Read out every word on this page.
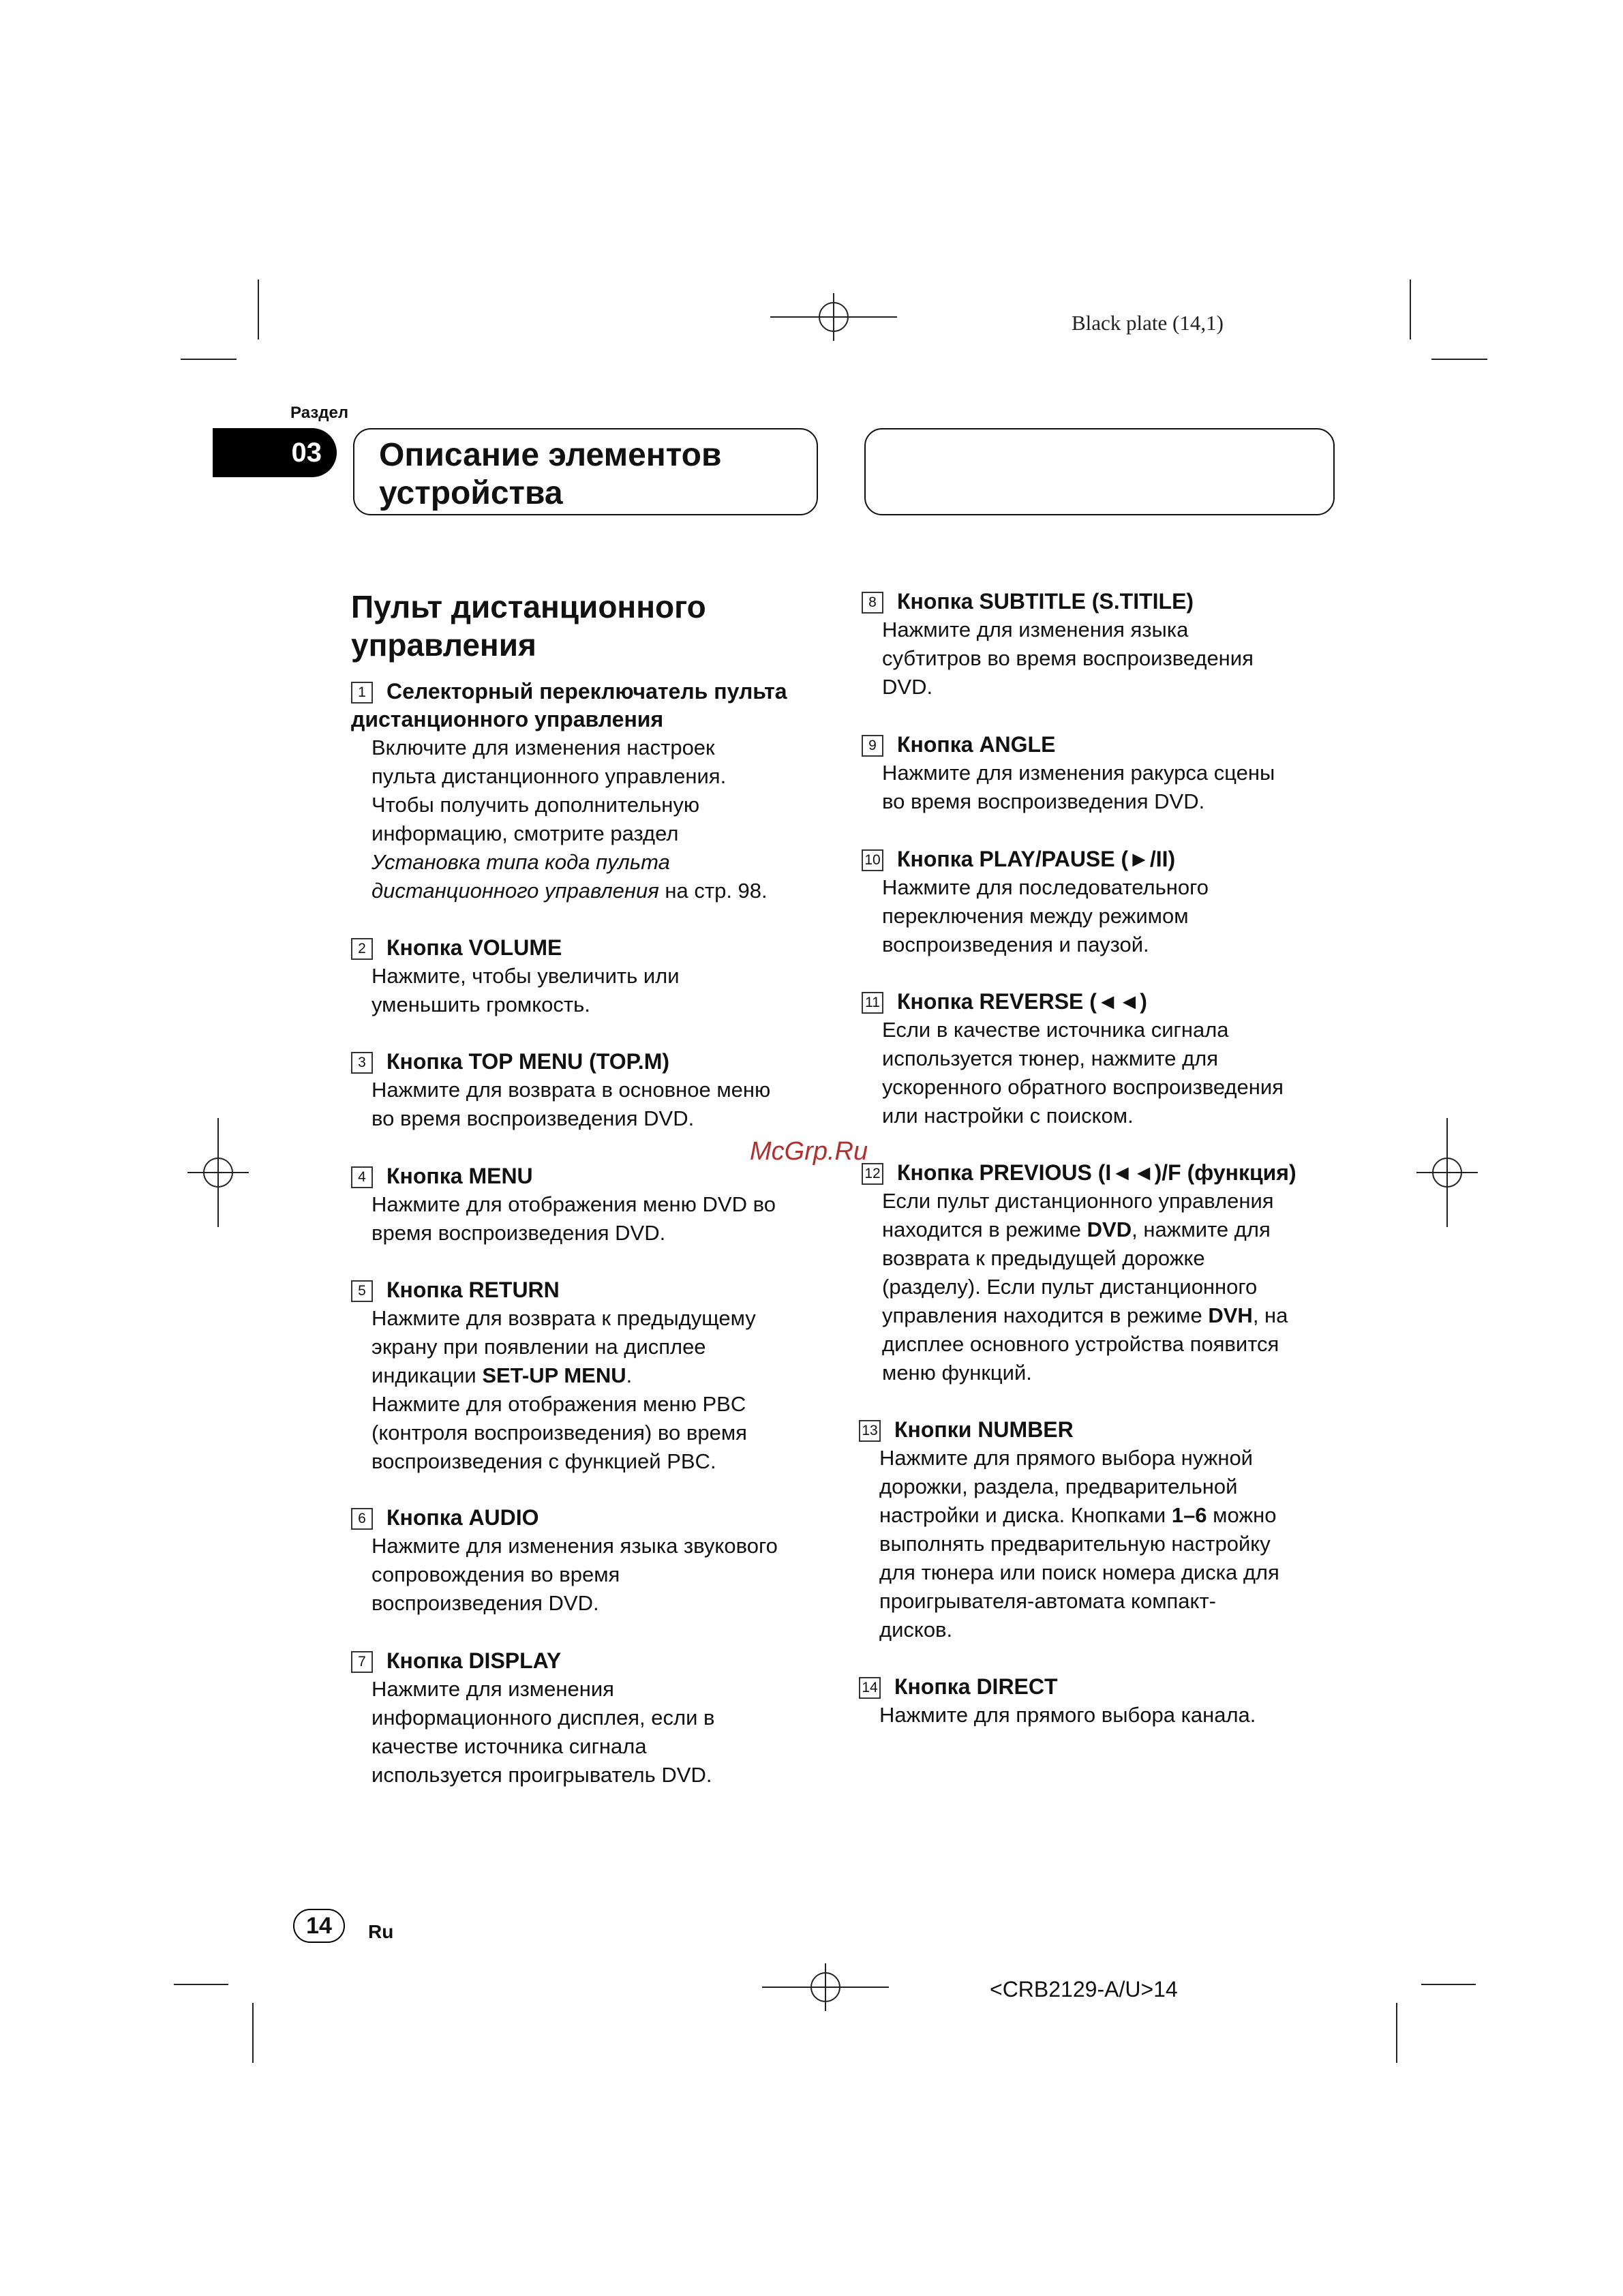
Black plate (14,1)
Раздел
03 Описание элементов
устройства
Пульт дистанционного
управления
1 Селекторный переключатель пульта
дистанционного управления
Включите для изменения настроек
пульта дистанционного управления.
Чтобы получить дополнительную
информацию, смотрите раздел
Установка типа кода пульта
дистанционного управления на стр. 98.
2 Кнопка VOLUME
Нажмите, чтобы увеличить или
уменьшить громкость.
3 Кнопка TOP MENU (TOP.M)
Нажмите для возврата в основное меню
во время воспроизведения DVD.
4 Кнопка MENU
Нажмите для отображения меню DVD во
время воспроизведения DVD.
5 Кнопка RETURN
Нажмите для возврата к предыдущему
экрану при появлении на дисплее
индикации SET-UP MENU.
Нажмите для отображения меню PBC
(контроля воспроизведения) во время
воспроизведения с функцией PBC.
6 Кнопка AUDIO
Нажмите для изменения языка звукового
сопровождения во время
воспроизведения DVD.
7 Кнопка DISPLAY
Нажмите для изменения
информационного дисплея, если в
качестве источника сигнала
используется проигрыватель DVD.
8 Кнопка SUBTITLE (S.TITILE)
Нажмите для изменения языка
субтитров во время воспроизведения
DVD.
9 Кнопка ANGLE
Нажмите для изменения ракурса сцены
во время воспроизведения DVD.
10 Кнопка PLAY/PAUSE (►/II)
Нажмите для последовательного
переключения между режимом
воспроизведения и паузой.
11 Кнопка REVERSE (◄◄)
Если в качестве источника сигнала
используется тюнер, нажмите для
ускоренного обратного воспроизведения
или настройки с поиском.
12 Кнопка PREVIOUS (I◄◄)/F (функция)
Если пульт дистанционного управления
находится в режиме DVD, нажмите для
возврата к предыдущей дорожке
(разделу). Если пульт дистанционного
управления находится в режиме DVH, на
дисплее основного устройства появится
меню функций.
13 Кнопки NUMBER
Нажмите для прямого выбора нужной
дорожки, раздела, предварительной
настройки и диска. Кнопками 1–6 можно
выполнять предварительную настройку
для тюнера или поиск номера диска для
проигрывателя-автомата компакт-
дисков.
14 Кнопка DIRECT
Нажмите для прямого выбора канала.
McGrp.Ru
14	Ru
<CRB2129-A/U>14
